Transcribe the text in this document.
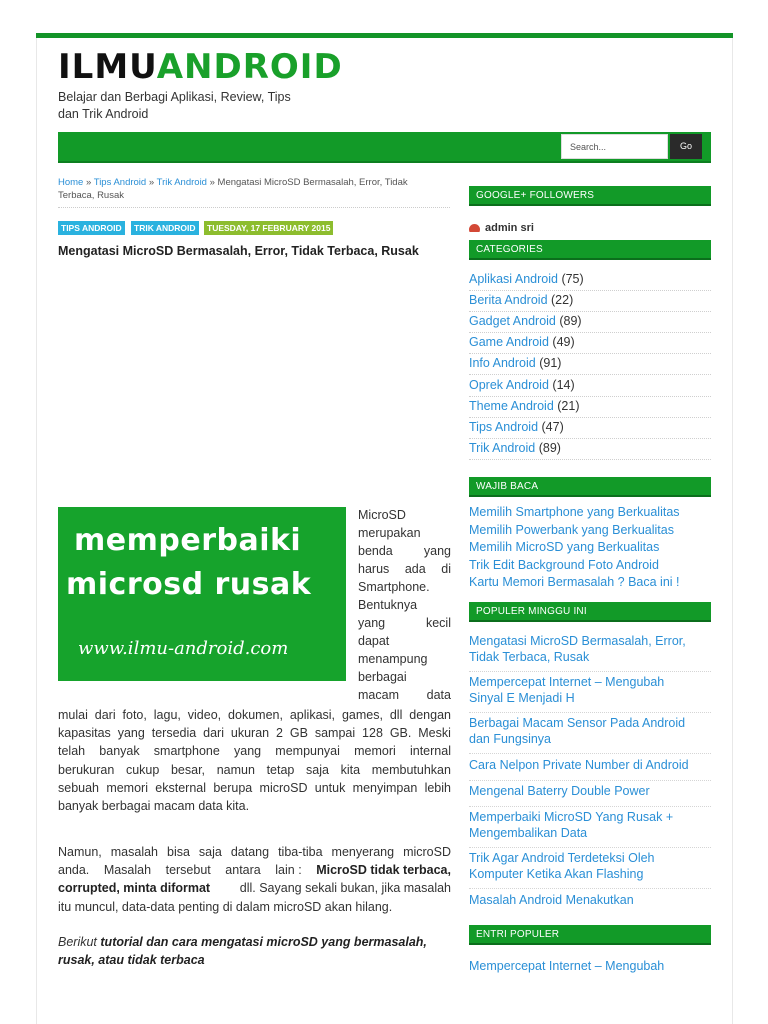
ILMUANDROID
Belajar dan Berbagi Aplikasi, Review, Tips dan Trik Android
HOME PRIVACY POLICY DISCLAIMER SITEMAP CONTACT US
Search...	Go
Home » Tips Android » Trik Android » Mengatasi MicroSD Bermasalah, Error, Tidak
Terbaca, Rusak
TIPS ANDROID	TRIK ANDROID	TUESDAY, 17 FEBRUARY 2015
Mengatasi MicroSD Bermasalah, Error, Tidak Terbaca, Rusak
memperbaiki
microsd rusak
www.ilmu-android.com
MicroSD
merupakan
benda yang
harus ada di
Smartphone.
Bentuknya
yang	kecil
dapat
menampung
berbagai
macam data
mulai dari foto, lagu, video, dokumen, aplikasi, games, dll dengan
kapasitas yang tersedia dari ukuran 2 GB sampai 128 GB. Meski
telah banyak smartphone yang mempunyai memori internal
berukuran cukup besar, namun tetap saja kita membutuhkan
sebuah memori eksternal berupa microSD untuk menyimpan lebih
banyak berbagai macam data kita.
Namun, masalah bisa saja datang tiba-tiba menyerang microSD
anda. Masalah tersebut antara lain : MicroSD tidak terbaca,
corrupted, minta diformat dll. Sayang sekali bukan, jika masalah
itu muncul, data-data penting di dalam microSD akan hilang.
Berikut tutorial dan cara mengatasi microSD yang bermasalah,
rusak, atau tidak terbaca
GOOGLE+ FOLLOWERS
admin sri
CATEGORIES
Aplikasi Android (75)
Berita Android (22)
Gadget Android (89)
Game Android (49)
Info Android (91)
Oprek Android (14)
Theme Android (21)
Tips Android (47)
Trik Android (89)
WAJIB BACA
Memilih Smartphone yang Berkualitas
Memilih Powerbank yang Berkualitas
Memilih MicroSD yang Berkualitas
Trik Edit Background Foto Android
Kartu Memori Bermasalah ? Baca ini !
POPULER MINGGU INI
Mengatasi MicroSD Bermasalah, Error,
Tidak Terbaca, Rusak
Mempercepat Internet – Mengubah
Sinyal E Menjadi H
Berbagai Macam Sensor Pada Android
dan Fungsinya
Cara Nelpon Private Number di Android
Mengenal Baterry Double Power
Memperbaiki MicroSD Yang Rusak +
Mengembalikan Data
Trik Agar Android Terdeteksi Oleh
Komputer Ketika Akan Flashing
Masalah Android Menakutkan
ENTRI POPULER
Mempercepat Internet – Mengubah
